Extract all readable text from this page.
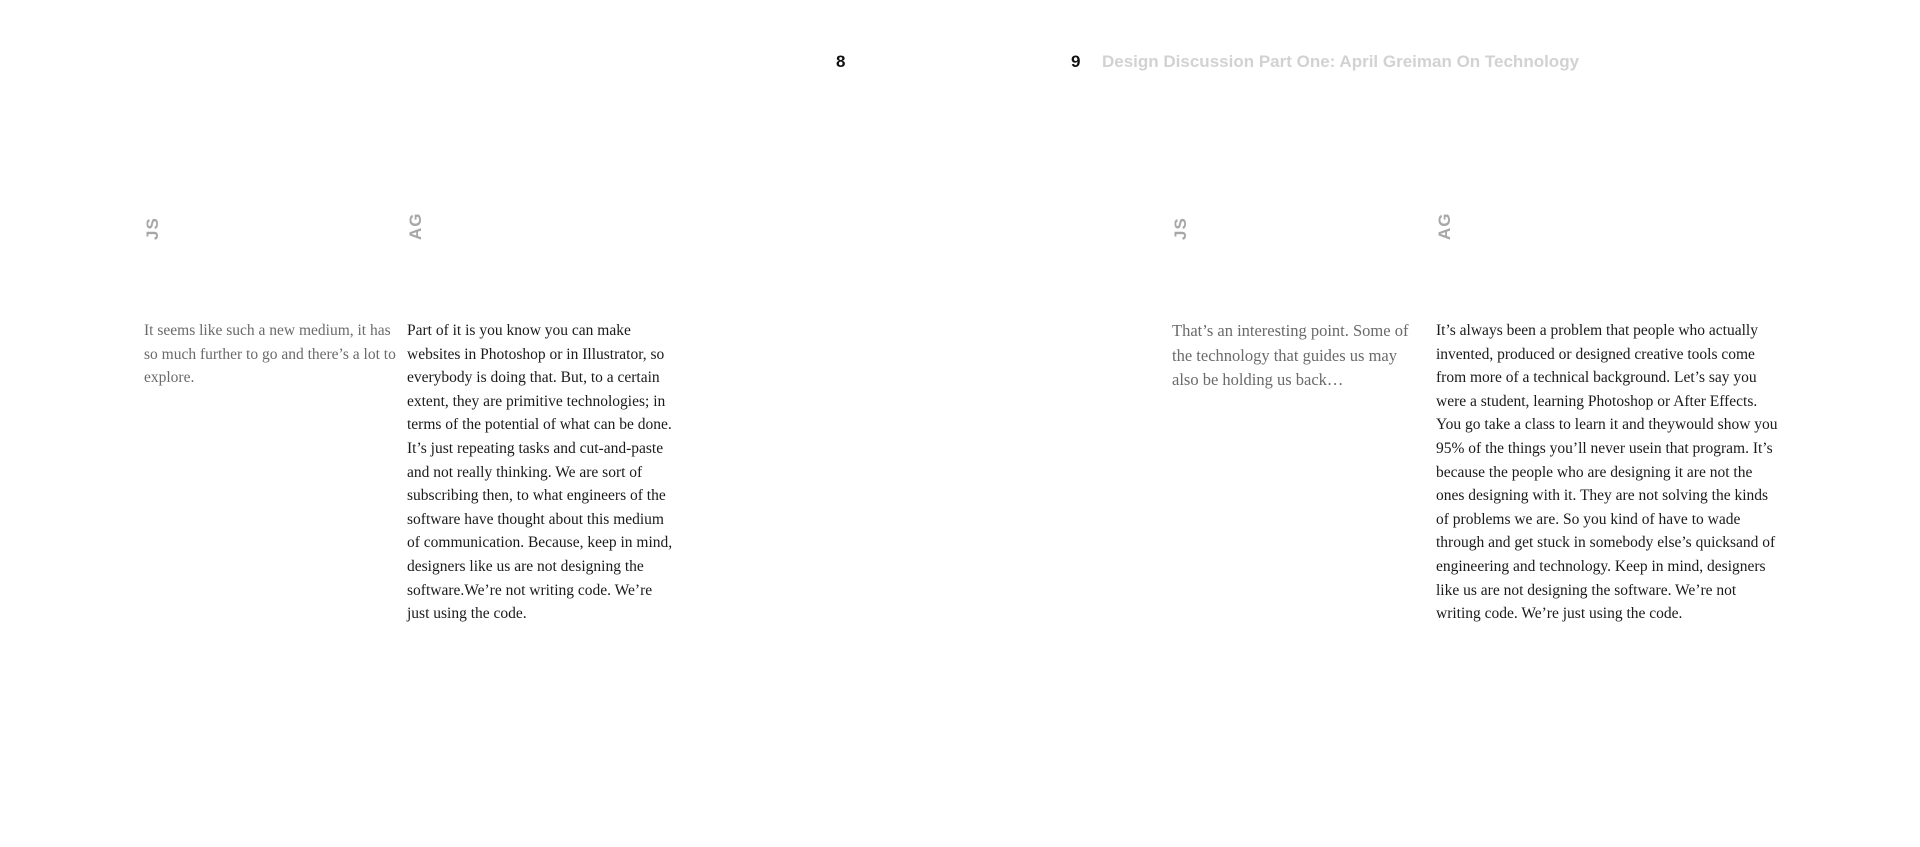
8
JS	AG

It seems like such a new medium, it has so much further to go and there’s a lot to explore.

Part of it is you know you can make websites in Photoshop or in Illustrator, so everybody is doing that. But, to a certain extent, they are primitive technologies; in terms of the potential of what can be done. It’s just repeating tasks and cut-and-paste and not really thinking. We are sort of subscribing then, to what engineers of the software have thought about this medium of communication. Because, keep in mind, designers like us are not designing the software.We’re not writing code. We’re just using the code.

9 Design Discussion Part One: April Greiman On Technology
JS	AG

That’s an interesting point. Some of the technology that guides us may also be holding us back…

It’s always been a problem that people who actually invented, produced or designed creative tools come from more of a technical background. Let’s say you were a student, learning Photoshop or After Effects. You go take a class to learn it and theywould show you 95% of the things you’ll never usein that program. It’s because the people who are designing it are not the ones designing with it. They are not solving the kinds of problems we are. So you kind of have to wade through and get stuck in somebody else’s quicksand of engineering and technology. Keep in mind, designers like us are not designing the software. We’re not writing code. We’re just using the code.
